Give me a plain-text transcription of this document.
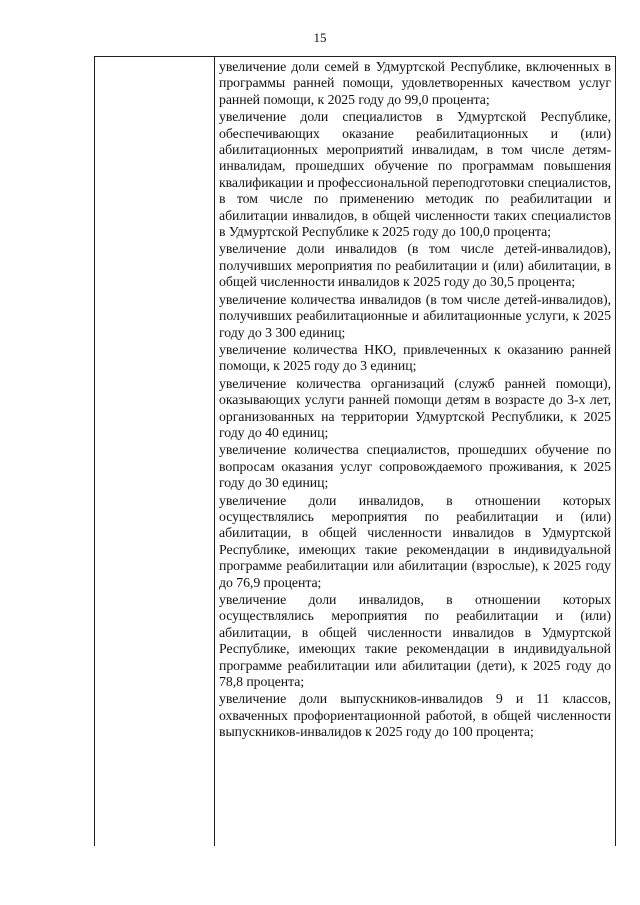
15

увеличение доли семей в Удмуртской Республике, включенных в программы ранней помощи, удовлетворенных качеством услуг ранней помощи, к 2025 году до 99,0 процента;

увеличение доли специалистов в Удмуртской Республике, обеспечивающих оказание реабилитационных и (или) абилитационных мероприятий инвалидам, в том числе детям-инвалидам, прошедших обучение по программам повышения квалификации и профессиональной переподготовки специалистов, в том числе по применению методик по реабилитации и абилитации инвалидов, в общей численности таких специалистов в Удмуртской Республике к 2025 году до 100,0 процента;

увеличение доли инвалидов (в том числе детей-инвалидов), получивших мероприятия по реабилитации и (или) абилитации, в общей численности инвалидов к 2025 году до 30,5 процента;

увеличение количества инвалидов (в том числе детей-инвалидов), получивших реабилитационные и абилитационные услуги, к 2025 году до 3 300 единиц;

увеличение количества НКО, привлеченных к оказанию ранней помощи, к 2025 году до 3 единиц;

увеличение количества организаций (служб ранней помощи), оказывающих услуги ранней помощи детям в возрасте до 3-х лет, организованных на территории Удмуртской Республики, к 2025 году до 40 единиц;

увеличение количества специалистов, прошедших обучение по вопросам оказания услуг сопровождаемого проживания, к 2025 году до 30 единиц;

увеличение доли инвалидов, в отношении которых осуществлялись мероприятия по реабилитации и (или) абилитации, в общей численности инвалидов в Удмуртской Республике, имеющих такие рекомендации в индивидуальной программе реабилитации или абилитации (взрослые), к 2025 году до 76,9 процента;

увеличение доли инвалидов, в отношении которых осуществлялись мероприятия по реабилитации и (или) абилитации, в общей численности инвалидов в Удмуртской Республике, имеющих такие рекомендации в индивидуальной программе реабилитации или абилитации (дети), к 2025 году до 78,8 процента;

увеличение доли выпускников-инвалидов 9 и 11 классов, охваченных профориентационной работой, в общей численности выпускников-инвалидов к 2025 году до 100 процента;
